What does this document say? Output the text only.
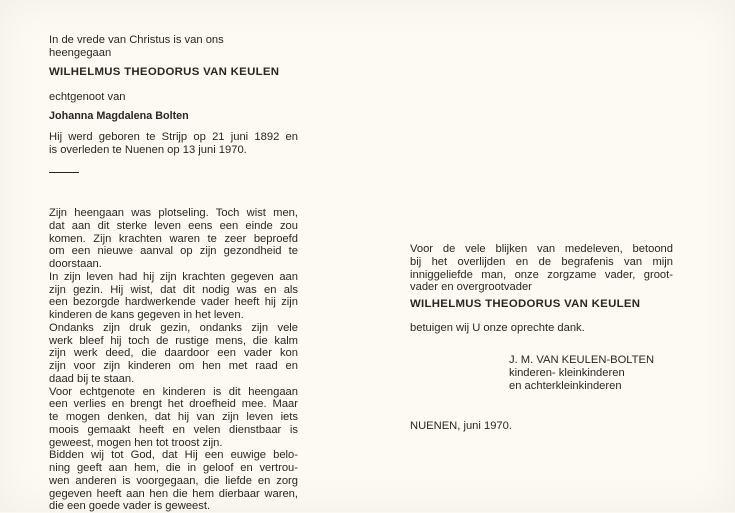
In de vrede van Christus is van ons
heengegaan
WILHELMUS THEODORUS VAN KEULEN
echtgenoot van
Johanna Magdalena Bolten
Hij werd geboren te Strijp op 21 juni 1892 en
is overleden te Nuenen op 13 juni 1970.
Zijn heengaan was plotseling. Toch wist men,
dat aan dit sterke leven eens een einde zou
komen. Zijn krachten waren te zeer beproefd
om een nieuwe aanval op zijn gezondheid te
doorstaan.
In zijn leven had hij zijn krachten gegeven aan
zijn gezin. Hij wist, dat dit nodig was en als
een bezorgde hardwerkende vader heeft hij zijn
kinderen de kans gegeven in het leven.
Ondanks zijn druk gezin, ondanks zijn vele
werk bleef hij toch de rustige mens, die kalm
zijn werk deed, die daardoor een vader kon
zijn voor zijn kinderen om hen met raad en
daad bij te staan.
Voor echtgenote en kinderen is dit heengaan
een verlies en brengt het droefheid mee. Maar
te mogen denken, dat hij van zijn leven iets
moois gemaakt heeft en velen dienstbaar is
geweest, mogen hen tot troost zijn.
Bidden wij tot God, dat Hij een euwige belo-
ning geeft aan hem, die in geloof en vertrou-
wen anderen is voorgegaan, die liefde en zorg
gegeven heeft aan hen die hem dierbaar waren,
die een goede vader is geweest.
Voor de vele blijken van medeleven, betoond
bij het overlijden en de begrafenis van mijn
inniggeliefde man, onze zorgzame vader, groot-
vader en overgrootvader
WILHELMUS THEODORUS VAN KEULEN
betuigen wij U onze oprechte dank.
J. M. VAN KEULEN-BOLTEN
kinderen- kleinkinderen
en achterkleinkinderen
NUENEN, juni 1970.
